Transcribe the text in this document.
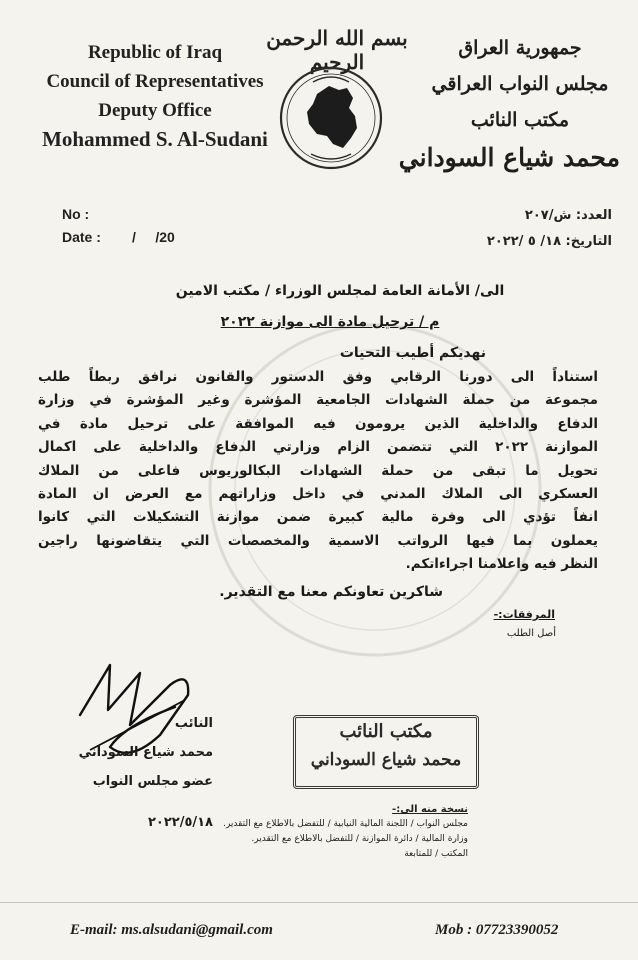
Republic of Iraq
Council of Representatives
Deputy Office
Mohammed S. Al-Sudani
بسم الله الرحمن الرحيم
جمهورية العراق
مجلس النواب العراقي
مكتب النائب
محمد شياع السوداني
No :
Date : /     /20
العدد: ش/٢٠٧
التاريخ: ١٨/ ٥ /٢٠٢٢
الى/ الأمانة العامة لمجلس الوزراء / مكتب الامين
م / ترحيل مادة الى موازنة ٢٠٢٢
نهديكم أطيب التحيات
استناداً الى دورنا الرقابي وفق الدستور والقانون نرافق ربطاً طلب
مجموعة من حملة الشهادات الجامعية المؤشرة وغير المؤشرة في وزارة
الدفاع والداخلية الذين يرومون فيه الموافقة على ترحيل مادة في
الموازنة ٢٠٢٢ التي تتضمن الزام وزارتي الدفاع والداخلية على اكمال
تحويل ما تبقى من حملة الشهادات البكالوريوس فاعلى من الملاك
العسكري الى الملاك المدني في داخل وزاراتهم مع العرض ان المادة
انفاً تؤدي الى وفرة مالية كبيرة ضمن موازنة التشكيلات التي كانوا
يعملون بما فيها الرواتب الاسمية والمخصصات التي يتقاضونها راجين

النظر فيه واعلامنا اجراءاتكم.

شاكرين تعاونكم معنا مع التقدير.
المرفقات:-
أصل الطلب
النائب
محمد شياع السوداني
عضو مجلس النواب
٢٠٢٢/٥/١٨
مكتب النائب
محمد شياع السوداني
نسخة منه الى:-
مجلس النواب / اللجنة المالية النيابية / للتفضل بالاطلاع مع التقدير.
وزارة المالية / دائرة الموازنة / للتفضل بالاطلاع مع التقدير.
المكتب / للمتابعة
E-mail: ms.alsudani@gmail.com	Mob : 07723390052
